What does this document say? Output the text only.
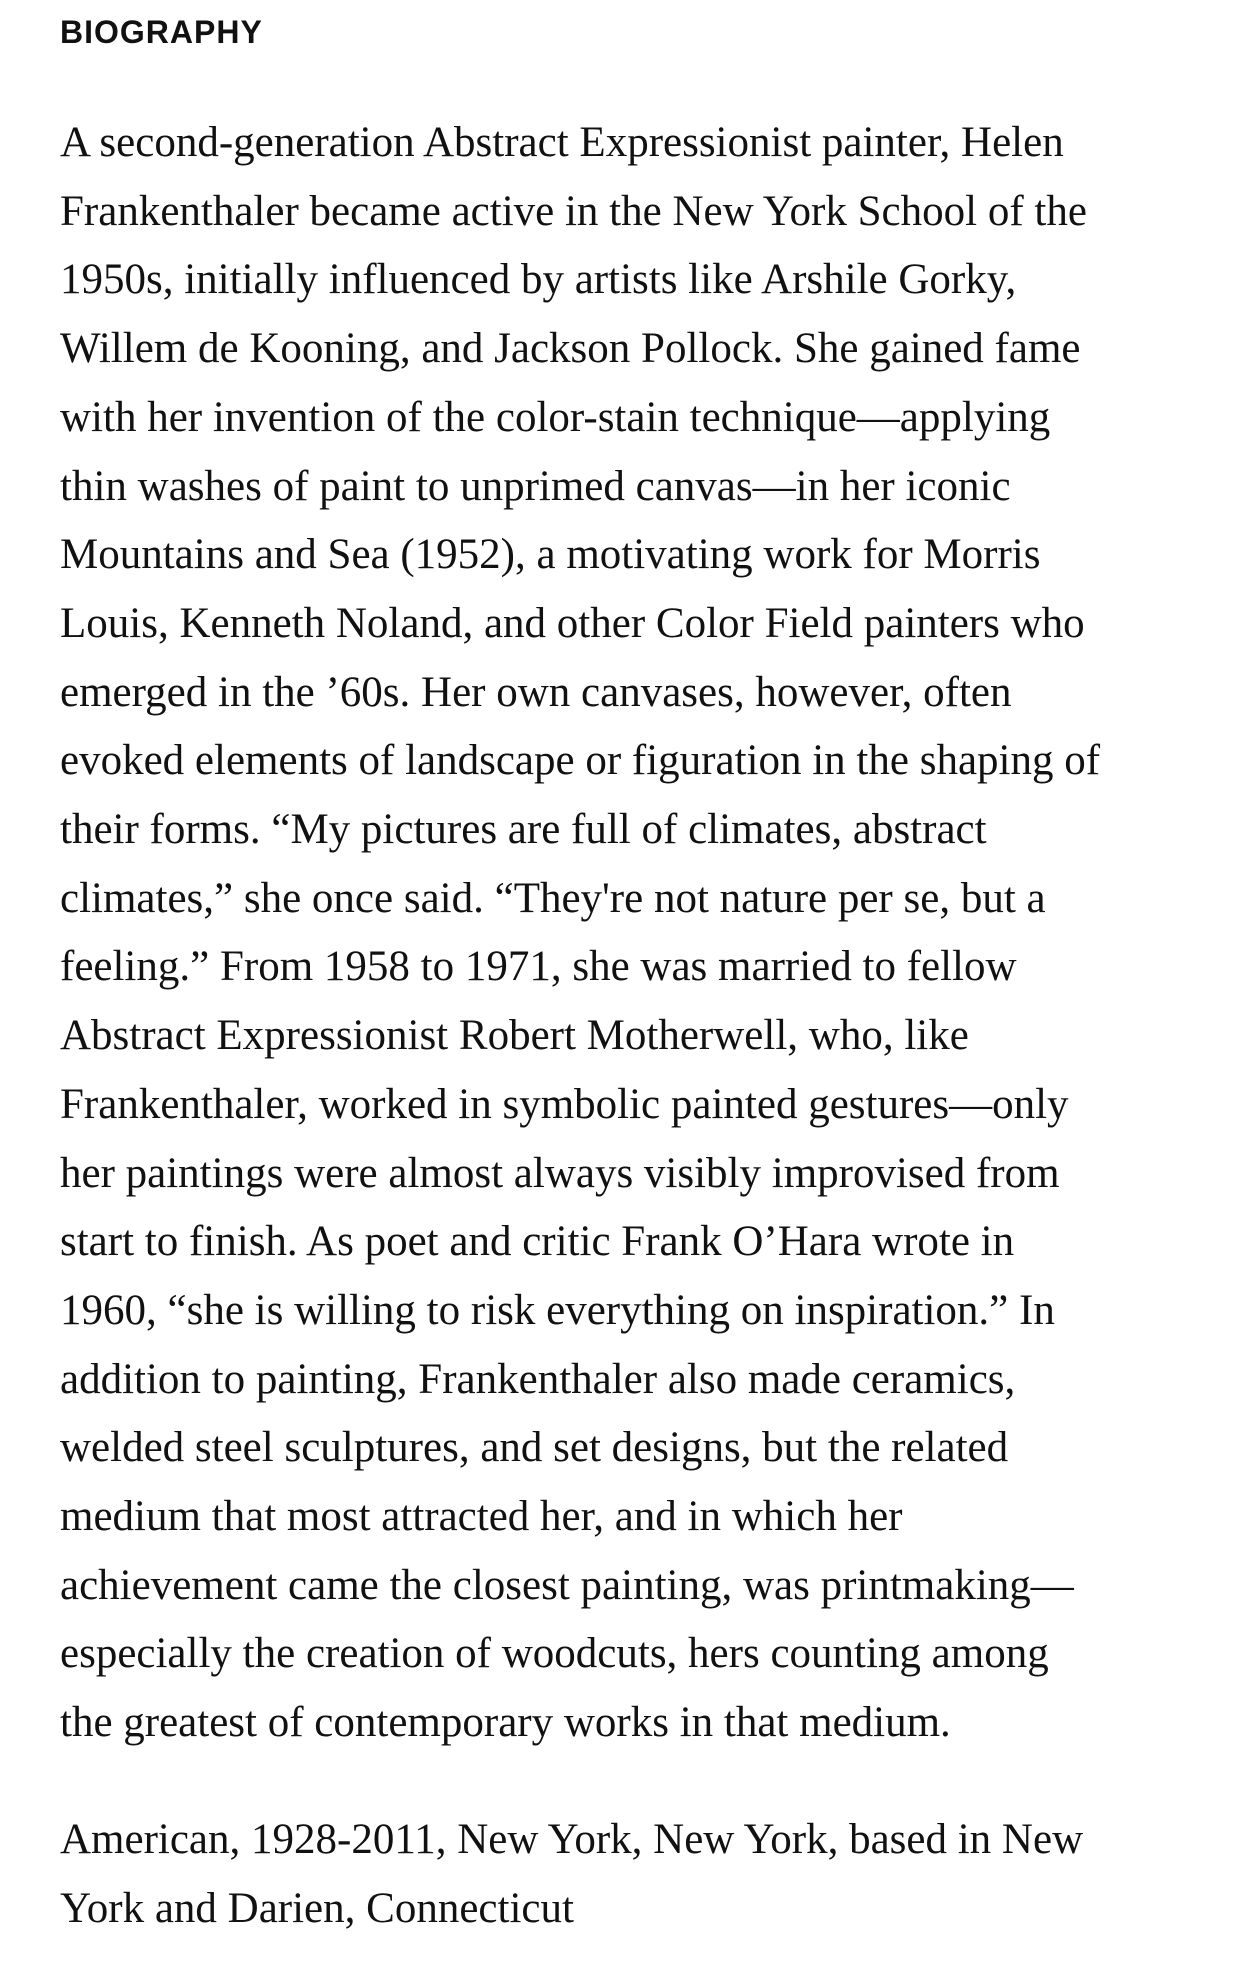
BIOGRAPHY

A second-generation Abstract Expressionist painter, Helen
Frankenthaler became active in the New York School of the
1950s, initially influenced by artists like Arshile Gorky,
Willem de Kooning, and Jackson Pollock. She gained fame
with her invention of the color-stain technique—applying
thin washes of paint to unprimed canvas—in her iconic
Mountains and Sea (1952), a motivating work for Morris
Louis, Kenneth Noland, and other Color Field painters who
emerged in the ’60s. Her own canvases, however, often
evoked elements of landscape or figuration in the shaping of
their forms. “My pictures are full of climates, abstract
climates,” she once said. “They're not nature per se, but a
feeling.” From 1958 to 1971, she was married to fellow
Abstract Expressionist Robert Motherwell, who, like
Frankenthaler, worked in symbolic painted gestures—only
her paintings were almost always visibly improvised from
start to finish. As poet and critic Frank O’Hara wrote in
1960, “she is willing to risk everything on inspiration.” In
addition to painting, Frankenthaler also made ceramics,
welded steel sculptures, and set designs, but the related
medium that most attracted her, and in which her
achievement came the closest painting, was printmaking—
especially the creation of woodcuts, hers counting among
the greatest of contemporary works in that medium.

American, 1928-2011, New York, New York, based in New
York and Darien, Connecticut
